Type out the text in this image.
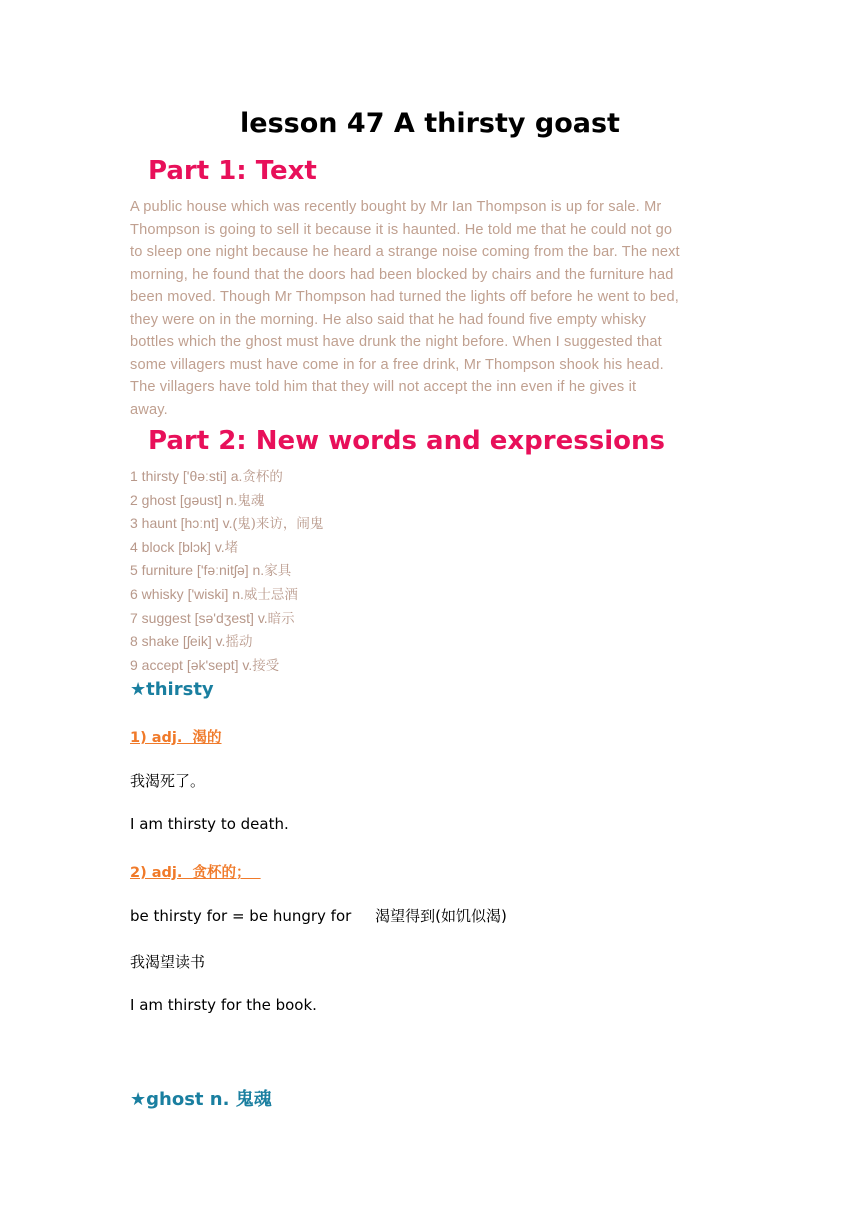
lesson 47 A thirsty goast
Part 1: Text
A public house which was recently bought by Mr Ian Thompson is up for sale. Mr
Thompson is going to sell it because it is haunted. He told me that he could not go
to sleep one night because he heard a strange noise coming from the bar. The next
morning, he found that the doors had been blocked by chairs and the furniture had
been moved. Though Mr Thompson had turned the lights off before he went to bed,
they were on in the morning. He also said that he had found five empty whisky
bottles which the ghost must have drunk the night before. When I suggested that
some villagers must have come in for a free drink, Mr Thompson shook his head.
The villagers have told him that they will not accept the inn even if he gives it
away.
Part 2: New words and expressions
1 thirsty ['θəːsti] a.贪杯的
2 ghost [gəust] n.鬼魂
3 haunt [hɔːnt] v.(鬼)来访，闹鬼
4 block [blɔk] v.堵
5 furniture ['fəːnitʃə] n.家具
6 whisky ['wiski] n.威士忌酒
7 suggest [sə'dʒest] v.暗示
8 shake [ʃeik] v.摇动
9 accept [ək'sept] v.接受
★thirsty
1) adj.  渴的
我渴死了。
I am thirsty to death.
2) adj.  贪杯的；
be thirsty for = be hungry for     渴望得到(如饥似渴)
我渴望读书
I am thirsty for the book.
★ghost n. 鬼魂
